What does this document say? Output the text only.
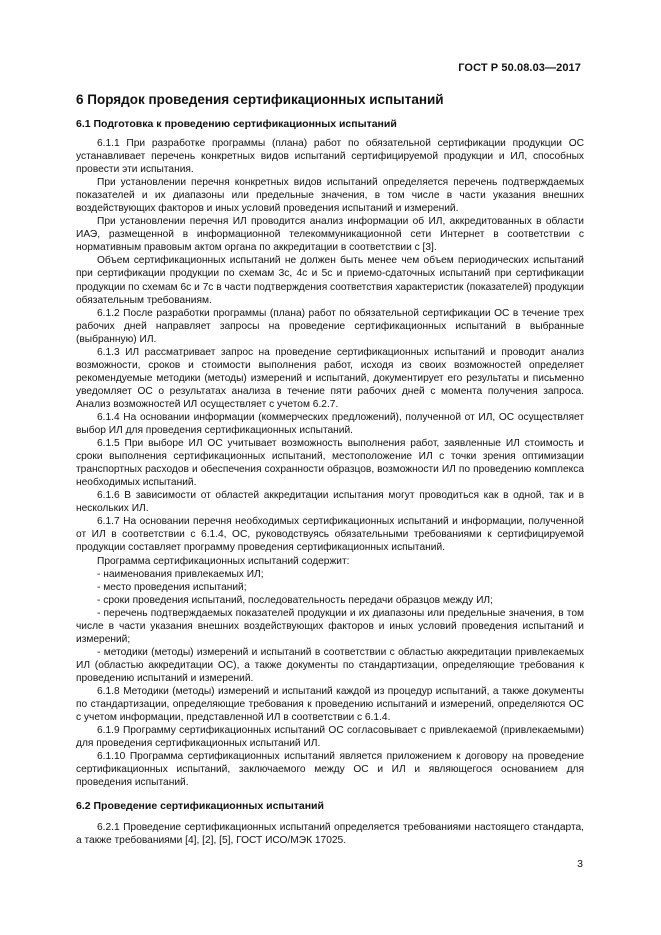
ГОСТ Р 50.08.03—2017
6 Порядок проведения сертификационных испытаний
6.1 Подготовка к проведению сертификационных испытаний

6.1.1 При разработке программы (плана) работ по обязательной сертификации продукции ОС устанавливает перечень конкретных видов испытаний сертифицируемой продукции и ИЛ, способных провести эти испытания.

При установлении перечня конкретных видов испытаний определяется перечень подтверждаемых показателей и их диапазоны или предельные значения, в том числе в части указания внешних воздействующих факторов и иных условий проведения испытаний и измерений.

При установлении перечня ИЛ проводится анализ информации об ИЛ, аккредитованных в области ИАЭ, размещенной в информационной телекоммуникационной сети Интернет в соответствии с нормативным правовым актом органа по аккредитации в соответствии с [3].

Объем сертификационных испытаний не должен быть менее чем объем периодических испытаний при сертификации продукции по схемам 3с, 4с и 5с и приемо-сдаточных испытаний при сертификации продукции по схемам 6с и 7с в части подтверждения соответствия характеристик (показателей) продукции обязательным требованиям.

6.1.2 После разработки программы (плана) работ по обязательной сертификации ОС в течение трех рабочих дней направляет запросы на проведение сертификационных испытаний в выбранные (выбранную) ИЛ.

6.1.3 ИЛ рассматривает запрос на проведение сертификационных испытаний и проводит анализ возможности, сроков и стоимости выполнения работ, исходя из своих возможностей определяет рекомендуемые методики (методы) измерений и испытаний, документирует его результаты и письменно уведомляет ОС о результатах анализа в течение пяти рабочих дней с момента получения запроса. Анализ возможностей ИЛ осуществляет с учетом 6.2.7.

6.1.4 На основании информации (коммерческих предложений), полученной от ИЛ, ОС осуществляет выбор ИЛ для проведения сертификационных испытаний.

6.1.5 При выборе ИЛ ОС учитывает возможность выполнения работ, заявленные ИЛ стоимость и сроки выполнения сертификационных испытаний, местоположение ИЛ с точки зрения оптимизации транспортных расходов и обеспечения сохранности образцов, возможности ИЛ по проведению комплекса необходимых испытаний.

6.1.6 В зависимости от областей аккредитации испытания могут проводиться как в одной, так и в нескольких ИЛ.

6.1.7 На основании перечня необходимых сертификационных испытаний и информации, полученной от ИЛ в соответствии с 6.1.4, ОС, руководствуясь обязательными требованиями к сертифицируемой продукции составляет программу проведения сертификационных испытаний.

Программа сертификационных испытаний содержит:

- наименования привлекаемых ИЛ;

- место проведения испытаний;

- сроки проведения испытаний, последовательность передачи образцов между ИЛ;

- перечень подтверждаемых показателей продукции и их диапазоны или предельные значения, в том числе в части указания внешних воздействующих факторов и иных условий проведения испытаний и измерений;

- методики (методы) измерений и испытаний в соответствии с областью аккредитации привлекаемых ИЛ (областью аккредитации ОС), а также документы по стандартизации, определяющие требования к проведению испытаний и измерений.

6.1.8 Методики (методы) измерений и испытаний каждой из процедур испытаний, а также документы по стандартизации, определяющие требования к проведению испытаний и измерений, определяются ОС с учетом информации, представленной ИЛ в соответствии с 6.1.4.

6.1.9 Программу сертификационных испытаний ОС согласовывает с привлекаемой (привлекаемыми) для проведения сертификационных испытаний ИЛ.

6.1.10 Программа сертификационных испытаний является приложением к договору на проведение сертификационных испытаний, заключаемого между ОС и ИЛ и являющегося основанием для проведения испытаний.

6.2 Проведение сертификационных испытаний

6.2.1 Проведение сертификационных испытаний определяется требованиями настоящего стандарта, а также требованиями [4], [2], [5], ГОСТ ИСО/МЭК 17025.

3
